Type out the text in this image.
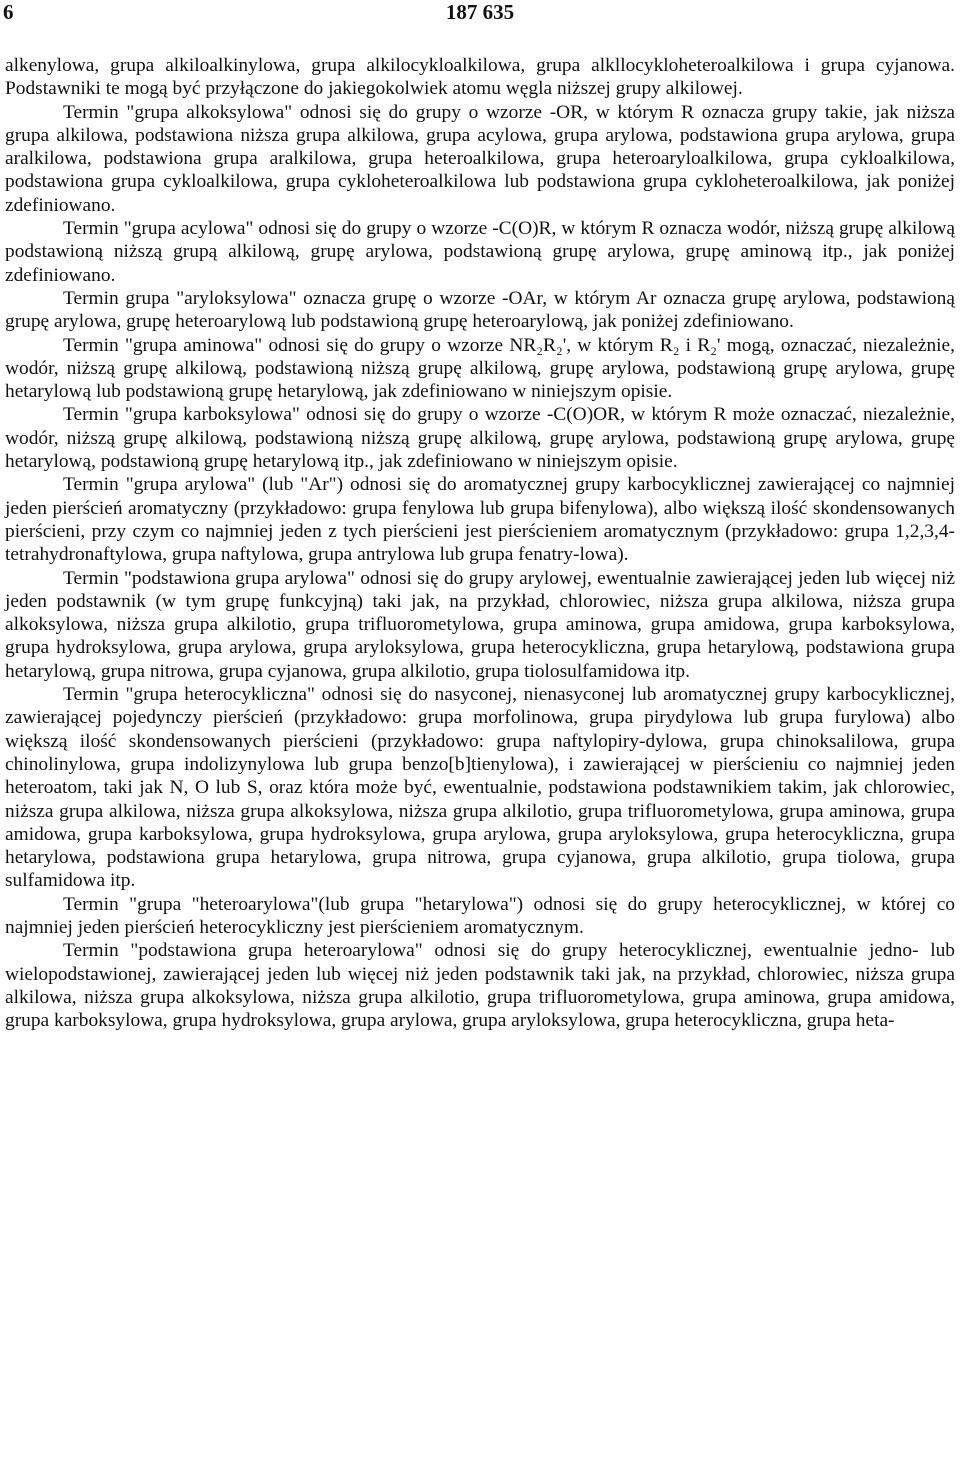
6	187 635

alkenylowa, grupa alkiloalkinylowa, grupa alkilocykloalkilowa, grupa alkllocykloheteroalkilowa i grupa cyjanowa. Podstawniki te mogą być przyłączone do jakiegokolwiek atomu węgla niższej grupy alkilowej.

Termin "grupa alkoksylowa" odnosi się do grupy o wzorze -OR, w którym R oznacza grupy takie, jak niższa grupa alkilowa, podstawiona niższa grupa alkilowa, grupa acylowa, grupa arylowa, podstawiona grupa arylowa, grupa aralkilowa, podstawiona grupa aralkilowa, grupa heteroalkilowa, grupa heteroaryloalkilowa, grupa cykloalkilowa, podstawiona grupa cykloalkilowa, grupa cykloheteroalkilowa lub podstawiona grupa cykloheteroalkilowa, jak poniżej zdefiniowano.

Termin "grupa acylowa" odnosi się do grupy o wzorze -C(O)R, w którym R oznacza wodór, niższą grupę alkilową podstawioną niższą grupą alkilową, grupę arylowa, podstawioną grupę arylowa, grupę aminową itp., jak poniżej zdefiniowano.

Termin grupa "aryloksylowa" oznacza grupę o wzorze -OAr, w którym Ar oznacza grupę arylowa, podstawioną grupę arylowa, grupę heteroarylową lub podstawioną grupę heteroarylową, jak poniżej zdefiniowano.

Termin "grupa aminowa" odnosi się do grupy o wzorze NR₂R₂', w którym R₂ i R₂' mogą, oznaczać, niezależnie, wodór, niższą grupę alkilową, podstawioną niższą grupę alkilową, grupę arylowa, podstawioną grupę arylowa, grupę hetarylową lub podstawioną grupę hetarylową, jak zdefiniowano w niniejszym opisie.

Termin "grupa karboksylowa" odnosi się do grupy o wzorze -C(O)OR, w którym R może oznaczać, niezależnie, wodór, niższą grupę alkilową, podstawioną niższą grupę alkilową, grupę arylowa, podstawioną grupę arylowa, grupę hetarylową, podstawioną grupę hetarylową itp., jak zdefiniowano w niniejszym opisie.

Termin "grupa arylowa" (lub "Ar") odnosi się do aromatycznej grupy karbocyklicznej zawierającej co najmniej jeden pierścień aromatyczny (przykładowo: grupa fenylowa lub grupa bifenylowa), albo większą ilość skondensowanych pierścieni, przy czym co najmniej jeden z tych pierścieni jest pierścieniem aromatycznym (przykładowo: grupa 1,2,3,4-tetrahydronaftylowa, grupa naftylowa, grupa antrylowa lub grupa fenatry-lowa).

Termin "podstawiona grupa arylowa" odnosi się do grupy arylowej, ewentualnie zawierającej jeden lub więcej niż jeden podstawnik (w tym grupę funkcyjną) taki jak, na przykład, chlorowiec, niższa grupa alkilowa, niższa grupa alkoksylowa, niższa grupa alkilotio, grupa trifluorometylowa, grupa aminowa, grupa amidowa, grupa karboksylowa, grupa hydroksylowa, grupa arylowa, grupa aryloksylowa, grupa heterocykliczna, grupa hetarylową, podstawiona grupa hetarylową, grupa nitrowa, grupa cyjanowa, grupa alkilotio, grupa tiolosulfamidowa itp.

Termin "grupa heterocykliczna" odnosi się do nasyconej, nienasyconej lub aromatycznej grupy karbocyklicznej, zawierającej pojedynczy pierścień (przykładowo: grupa morfolinowa, grupa pirydylowa lub grupa furylowa) albo większą ilość skondensowanych pierścieni (przykładowo: grupa naftylopiry-dylowa, grupa chinoksalilowa, grupa chinolinylowa, grupa indolizynylowa lub grupa benzo[b]tienylowa), i zawierającej w pierścieniu co najmniej jeden heteroatom, taki jak N, O lub S, oraz która może być, ewentualnie, podstawiona podstawnikiem takim, jak chlorowiec, niższa grupa alkilowa, niższa grupa alkoksylowa, niższa grupa alkilotio, grupa trifluorometylowa, grupa aminowa, grupa amidowa, grupa karboksylowa, grupa hydroksylowa, grupa arylowa, grupa aryloksylowa, grupa heterocykliczna, grupa hetarylowa, podstawiona grupa hetarylowa, grupa nitrowa, grupa cyjanowa, grupa alkilotio, grupa tiolowa, grupa sulfamidowa itp.

Termin "grupa "heteroarylowa"(lub grupa "hetarylowa") odnosi się do grupy heterocyklicznej, w której co najmniej jeden pierścień heterocykliczny jest pierścieniem aromatycznym.

Termin "podstawiona grupa heteroarylowa" odnosi się do grupy heterocyklicznej, ewentualnie jedno- lub wielopodstawionej, zawierającej jeden lub więcej niż jeden podstawnik taki jak, na przykład, chlorowiec, niższa grupa alkilowa, niższa grupa alkoksylowa, niższa grupa alkilotio, grupa trifluorometylowa, grupa aminowa, grupa amidowa, grupa karboksylowa, grupa hydroksylowa, grupa arylowa, grupa aryloksylowa, grupa heterocykliczna, grupa heta-
